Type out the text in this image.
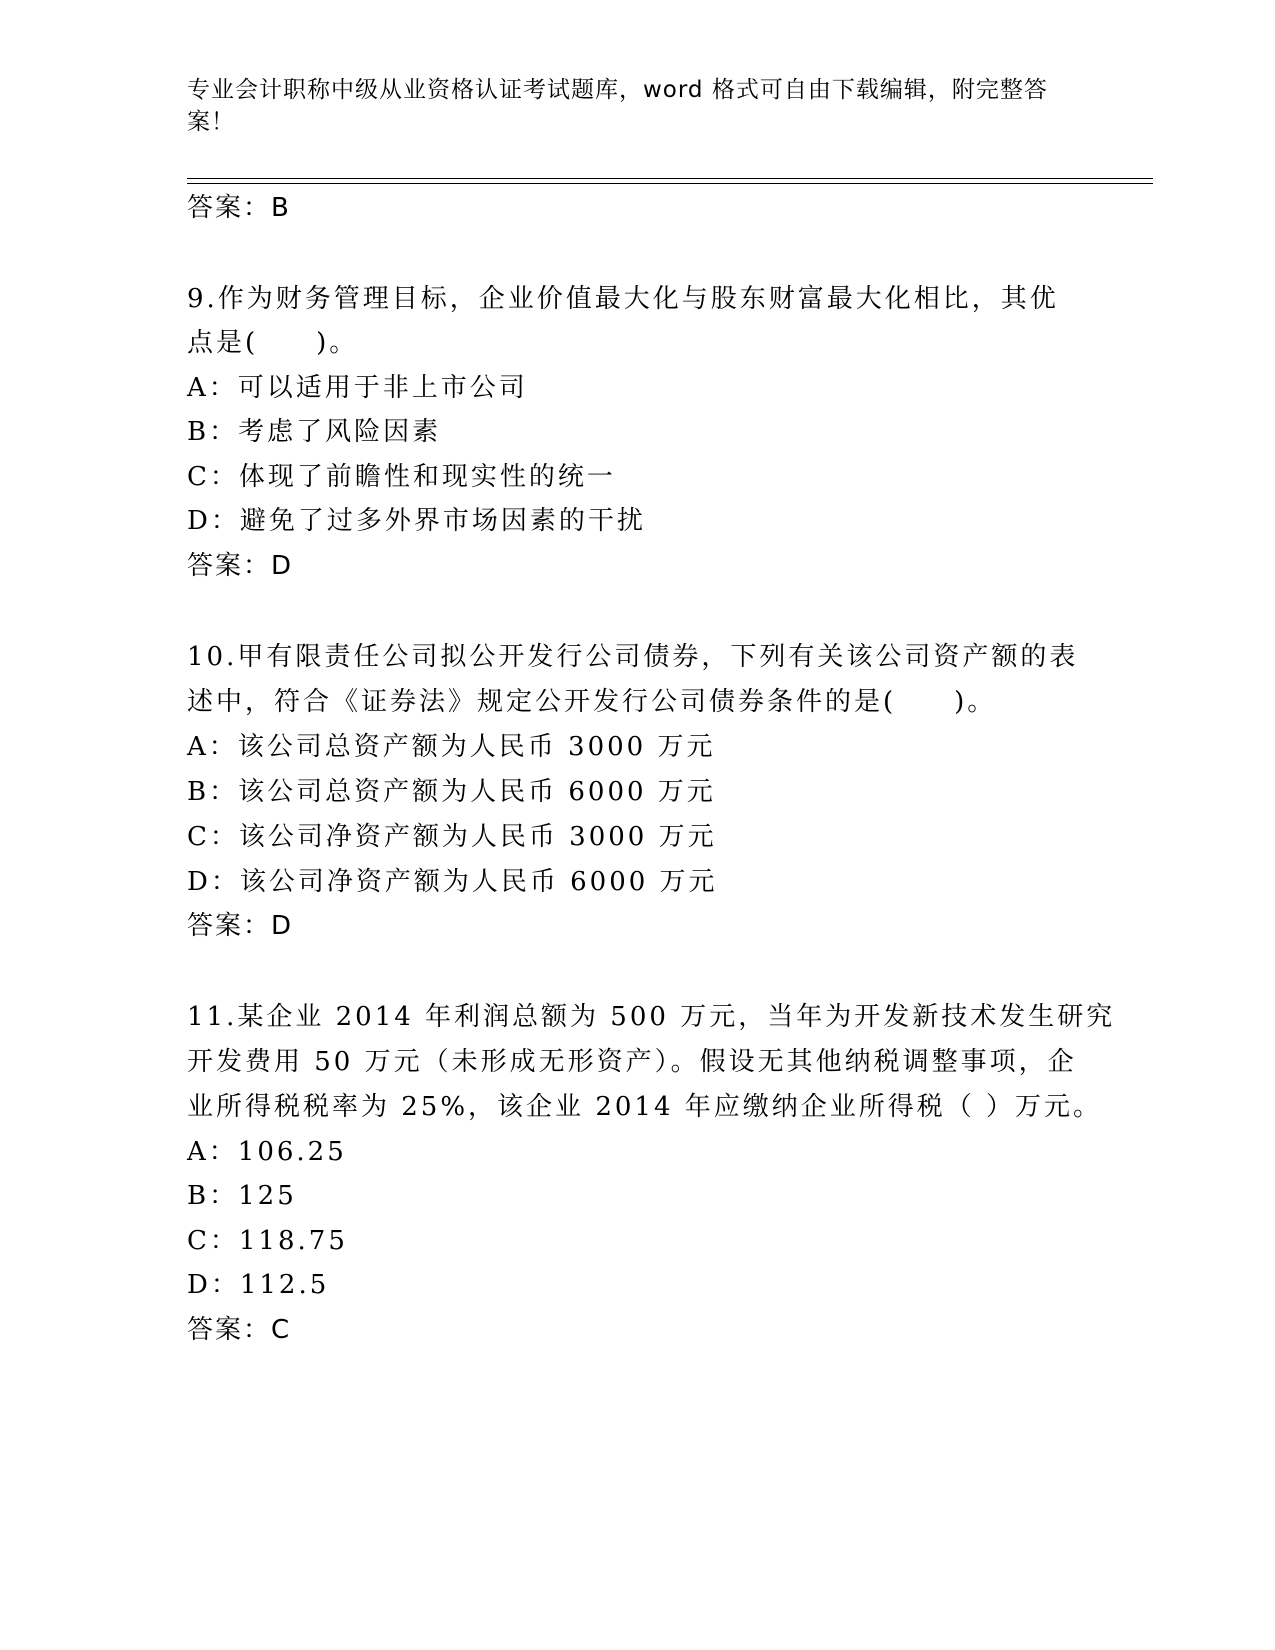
专业会计职称中级从业资格认证考试题库，word 格式可自由下载编辑，附完整答案！
答案：B
9.作为财务管理目标，企业价值最大化与股东财富最大化相比，其优
点是(　　)。
A：可以适用于非上市公司
B：考虑了风险因素
C：体现了前瞻性和现实性的统一
D：避免了过多外界市场因素的干扰
答案：D
10.甲有限责任公司拟公开发行公司债券，下列有关该公司资产额的表
述中，符合《证券法》规定公开发行公司债券条件的是(　　)。
A：该公司总资产额为人民币 3000 万元
B：该公司总资产额为人民币 6000 万元
C：该公司净资产额为人民币 3000 万元
D：该公司净资产额为人民币 6000 万元
答案：D
11.某企业 2014 年利润总额为 500 万元，当年为开发新技术发生研究
开发费用 50 万元（未形成无形资产）。假设无其他纳税调整事项，企
业所得税税率为 25%，该企业 2014 年应缴纳企业所得税（ ）万元。
A：106.25
B：125
C：118.75
D：112.5
答案：C
